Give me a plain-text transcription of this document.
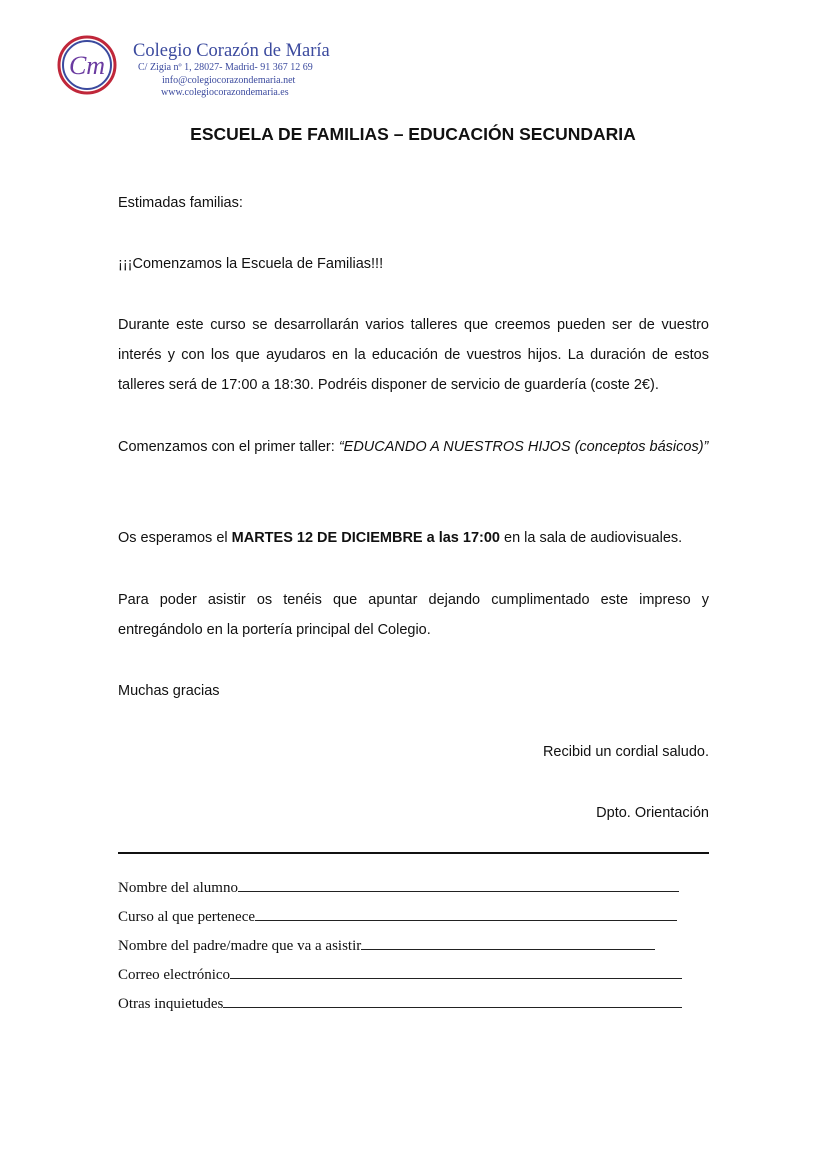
Cm Colegio Corazón de María

C/ Zigia nº 1, 28027- Madrid- 91 367 12 69

info@colegiocorazondemaria.net

www.colegiocorazondemaria.es

ESCUELA DE FAMILIAS – EDUCACIÓN SECUNDARIA

Estimadas familias:

¡¡¡Comenzamos la Escuela de Familias!!!

Durante este curso se desarrollarán varios talleres que creemos pueden ser de vuestro interés y con los que ayudaros en la educación de vuestros hijos. La duración de estos talleres será de 17:00 a 18:30. Podréis disponer de servicio de guardería (coste 2€).

Comenzamos con el primer taller: “EDUCANDO A NUESTROS HIJOS (conceptos básicos)”

Os esperamos el MARTES 12 DE DICIEMBRE a las 17:00 en la sala de audiovisuales.

Para poder asistir os tenéis que apuntar dejando cumplimentado este impreso y entregándolo en la portería principal del Colegio.

Muchas gracias

Recibid un cordial saludo.

Dpto. Orientación

Nombre del alumno
Curso al que pertenece
Nombre del padre/madre que va a asistir
Correo electrónico
Otras inquietudes
